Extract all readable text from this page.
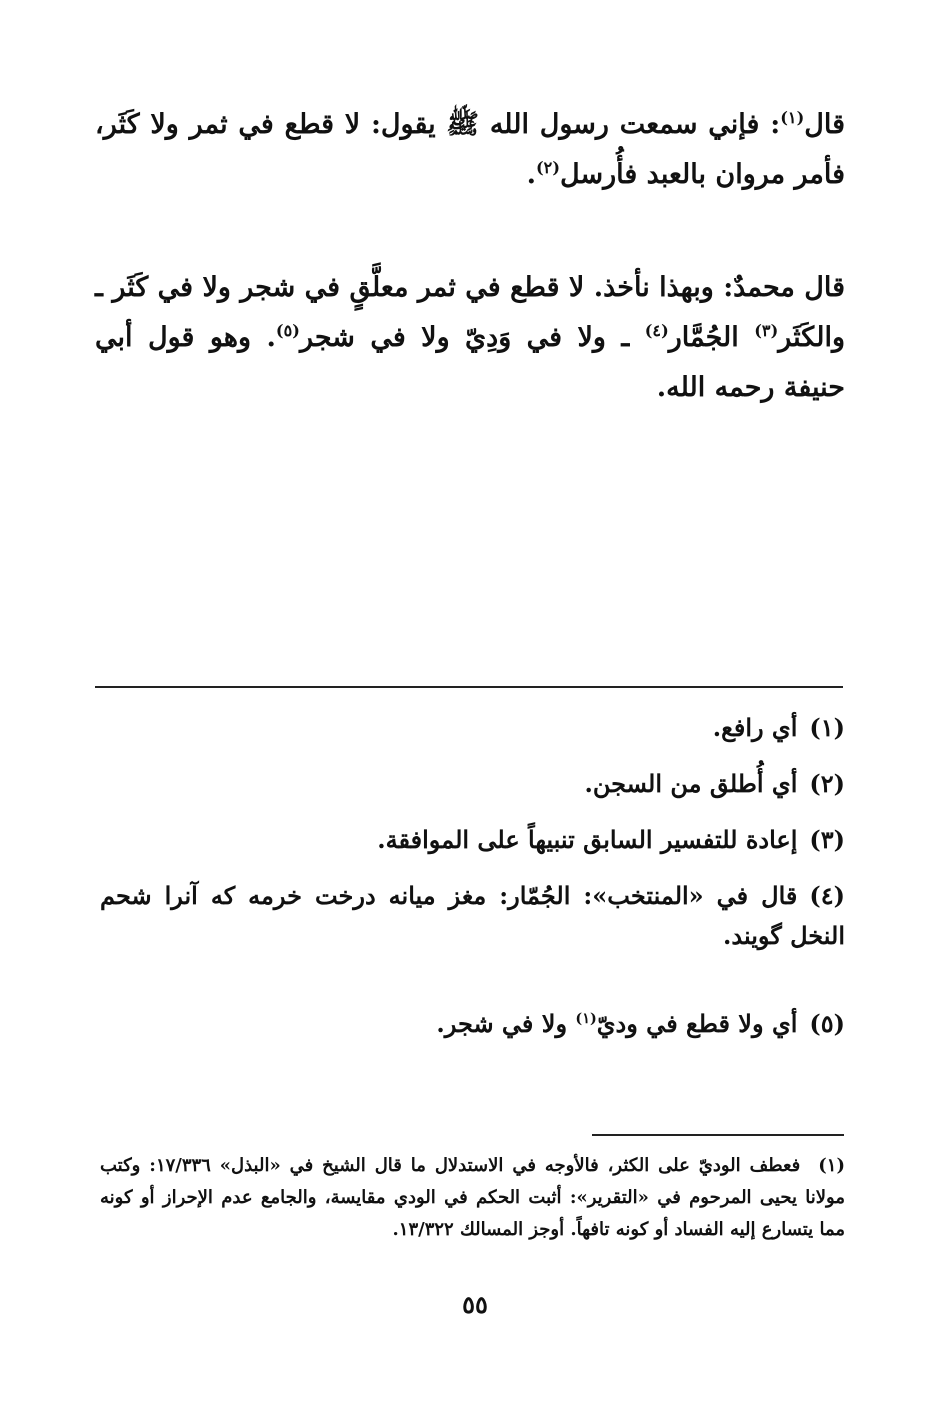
قال$^{(١)}$: فإني سمعت رسول الله ﷺ يقول: لا قطع في ثمر ولا كَثَر، فأمر مروان بالعبد فأُرسل$^{(٢)}$.

قال محمدٌ: وبهذا نأخذ. لا قطع في ثمر معلَّقٍ في شجر ولا في كَثَر ـ والكَثَر$^{(٣)}$ الجُمَّار$^{(٤)}$ ـ ولا في وَدِيّ ولا في شجر$^{(٥)}$. وهو قول أبي حنيفة رحمه الله.

(١)أي رافع.

(٢)أي أُطلق من السجن.

(٣)إعادة للتفسير السابق تنبيهاً على الموافقة.

(٤)قال في «المنتخب»: الجُمّار: مغز ميانه درخت خرمه كه آنرا شحم النخل گويند.

(٥)أي ولا قطع في وديّ$^{(١)}$ ولا في شجر.

(١)فعطف الوديّ على الكثر، فالأوجه في الاستدلال ما قال الشيخ في «البذل» ١٧/٣٣٦: وكتب مولانا يحيى المرحوم في «التقرير»: أثبت الحكم في الودي مقايسة، والجامع عدم الإحراز أو كونه مما يتسارع إليه الفساد أو كونه تافهاً. أوجز المسالك ١٣/٣٢٢.

٥٥
